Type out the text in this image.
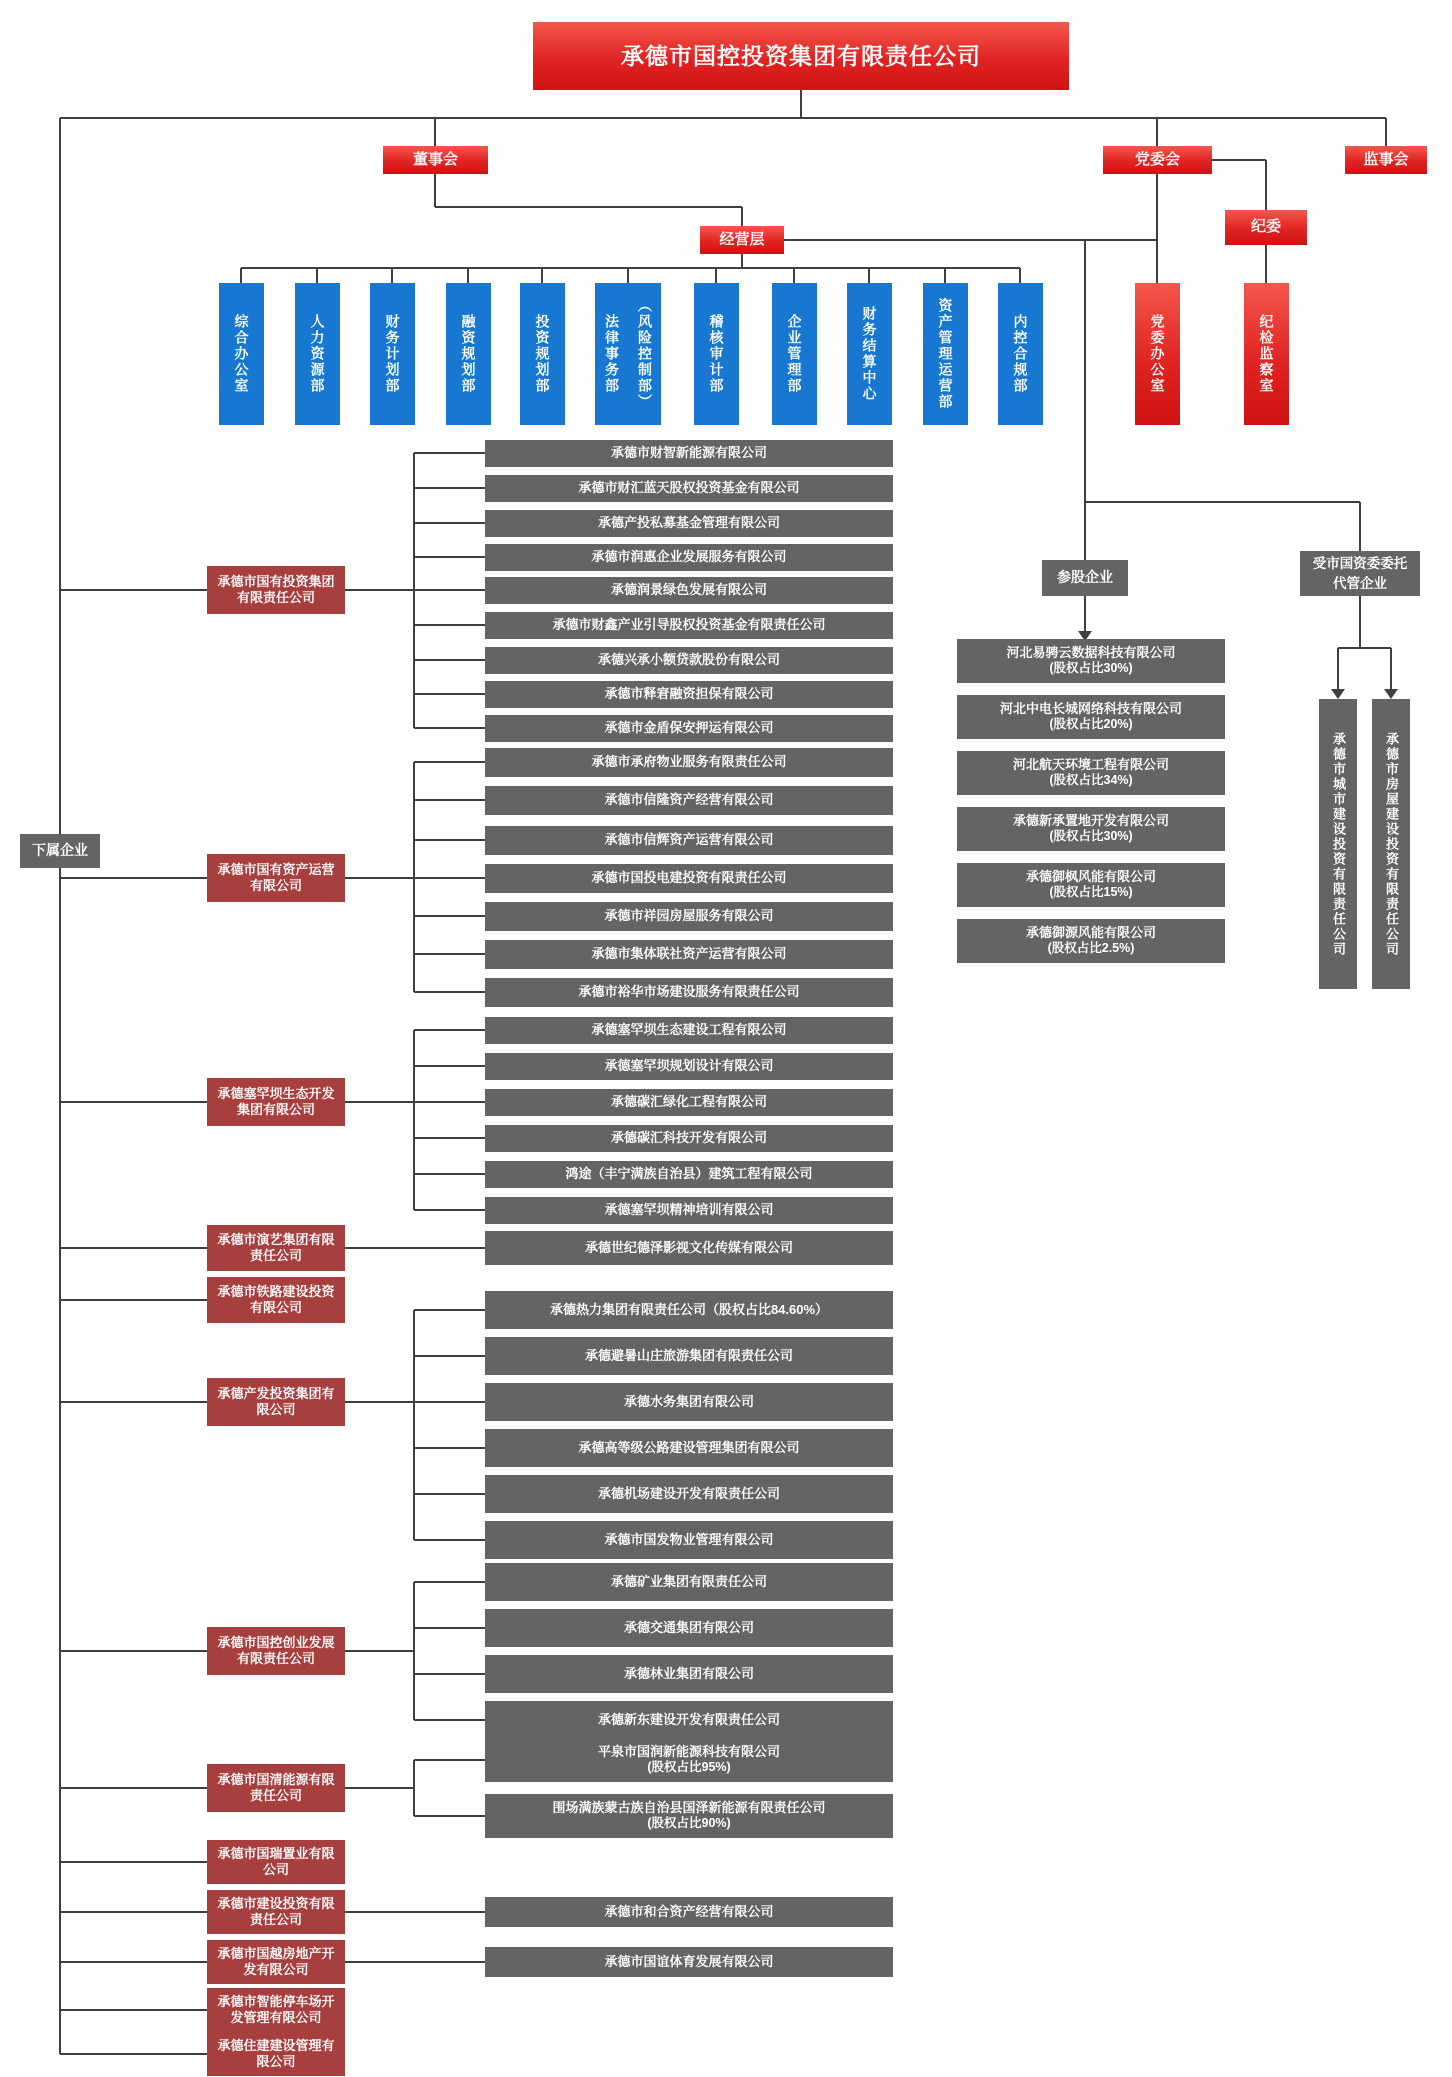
承德市国控投资集团有限责任公司
董事会	党委会	监事会
纪委
经营层
下属企业
参股企业
受市国资委委托代管企业
综合办公室	人力资源部	财务计划部	融资规划部	投资规划部	（风险控制部）
法律事务部	稽核审计部	企业管理部	财务结算中心	资产管理运营部	内控合规部	党委办公室	纪检监察室
承德市国有投资集团有限责任公司
承德市财智新能源有限公司
承德市财汇蓝天股权投资基金有限公司
承德产投私募基金管理有限公司
承德市润惠企业发展服务有限公司
承德润景绿色发展有限公司
承德市财鑫产业引导股权投资基金有限责任公司
承德兴承小额贷款股份有限公司
承德市释宭融资担保有限公司
承德市金盾保安押运有限公司
承德市国有资产运营有限公司
承德市承府物业服务有限责任公司
承德市信隆资产经营有限公司
承德市信辉资产运营有限公司
承德市国投电建投资有限责任公司
承德市祥园房屋服务有限公司
承德市集体联社资产运营有限公司
承德市裕华市场建设服务有限责任公司
承德塞罕坝生态开发集团有限公司
承德塞罕坝生态建设工程有限公司
承德塞罕坝规划设计有限公司
承德碳汇绿化工程有限公司
承德碳汇科技开发有限公司
鸿途（丰宁满族自治县）建筑工程有限公司
承德塞罕坝精神培训有限公司
承德市演艺集团有限责任公司
承德世纪德泽影视文化传媒有限公司
承德市铁路建设投资有限公司
承德产发投资集团有限公司
承德热力集团有限责任公司（股权占比84.60%）
承德避暑山庄旅游集团有限责任公司
承德水务集团有限公司
承德高等级公路建设管理集团有限公司
承德机场建设开发有限责任公司
承德市国发物业管理有限公司
承德市国控创业发展有限责任公司
承德矿业集团有限责任公司
承德交通集团有限公司
承德林业集团有限公司
承德新东建设开发有限责任公司
承德市国清能源有限责任公司
平泉市国润新能源科技有限公司
(股权占比95%)
围场满族蒙古族自治县国泽新能源有限责任公司
(股权占比90%)
承德市国瑞置业有限公司
承德市建设投资有限责任公司
承德市和合资产经营有限公司
承德市国越房地产开发有限公司
承德市国谊体育发展有限公司
承德市智能停车场开发管理有限公司
承德住建建设管理有限公司
河北易骋云数据科技有限公司
(股权占比30%)
河北中电长城网络科技有限公司
(股权占比20%)
河北航天环境工程有限公司
(股权占比34%)
承德新承置地开发有限公司
(股权占比30%)
承德御枫风能有限公司
(股权占比15%)
承德御源风能有限公司
(股权占比2.5%)	承德市城市建设投资有限责任公司	承德市房屋建设投资有限责任公司
